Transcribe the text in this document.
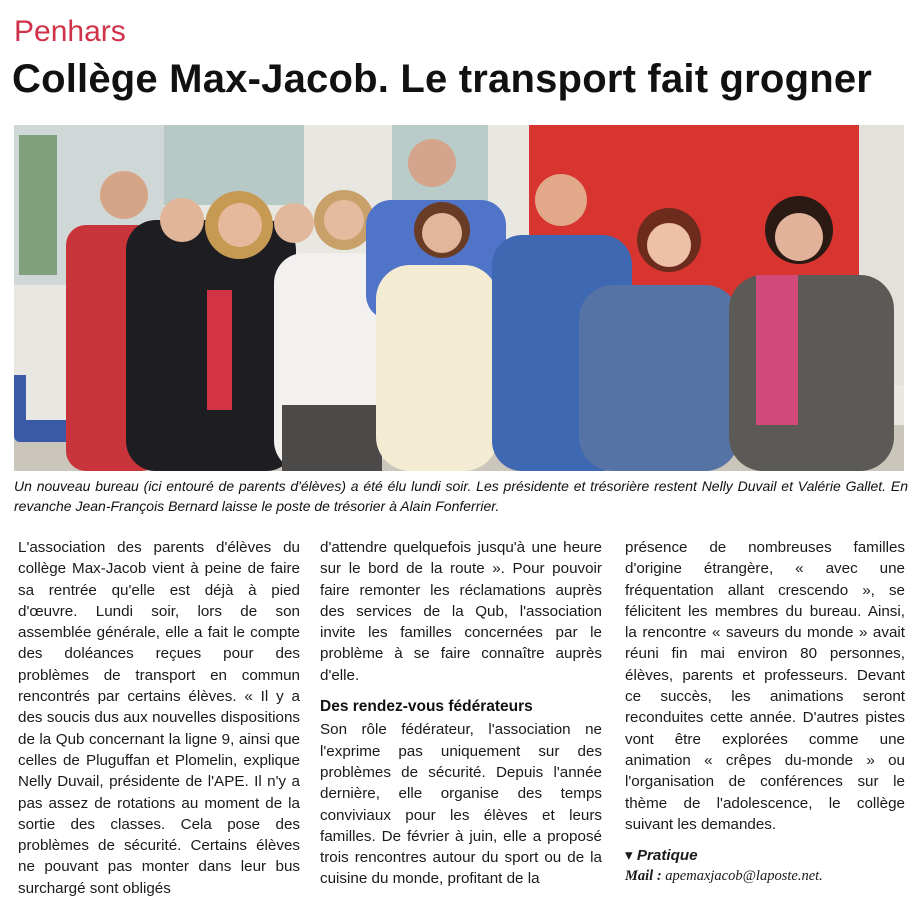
Penhars
Collège Max-Jacob. Le transport fait grogner
Un nouveau bureau (ici entouré de parents d'élèves) a été élu lundi soir. Les présidente et trésorière restent Nelly Duvail et Valérie Gallet. En revanche Jean-François Bernard laisse le poste de trésorier à Alain Fonferrier.

L'association des parents d'élèves du collège Max-Jacob vient à peine de faire sa rentrée qu'elle est déjà à pied d'œuvre. Lundi soir, lors de son assemblée générale, elle a fait le compte des doléances reçues pour des problèmes de transport en commun rencontrés par certains élèves. « Il y a des soucis dus aux nouvelles dispositions de la Qub concernant la ligne 9, ainsi que celles de Pluguffan et Plomelin, explique Nelly Duvail, présidente de l'APE. Il n'y a pas assez de rotations au moment de la sortie des classes. Cela pose des problèmes de sécurité. Certains élèves ne pouvant pas monter dans leur bus surchargé sont obligés

d'attendre quelquefois jusqu'à une heure sur le bord de la route ». Pour pouvoir faire remonter les réclamations auprès des services de la Qub, l'association invite les familles concernées par le problème à se faire connaître auprès d'elle.

Des rendez-vous fédérateurs

Son rôle fédérateur, l'association ne l'exprime pas uniquement sur des problèmes de sécurité. Depuis l'année dernière, elle organise des temps conviviaux pour les élèves et leurs familles. De février à juin, elle a proposé trois rencontres autour du sport ou de la cuisine du monde, profitant de la

présence de nombreuses familles d'origine étrangère, « avec une fréquentation allant crescendo », se félicitent les membres du bureau. Ainsi, la rencontre « saveurs du monde » avait réuni fin mai environ 80 personnes, élèves, parents et professeurs. Devant ce succès, les animations seront reconduites cette année. D'autres pistes vont être explorées comme une animation « crêpes du-monde » ou l'organisation de conférences sur le thème de l'adolescence, le collège suivant les demandes.

▾ Pratique
Mail : apemaxjacob@laposte.net.
